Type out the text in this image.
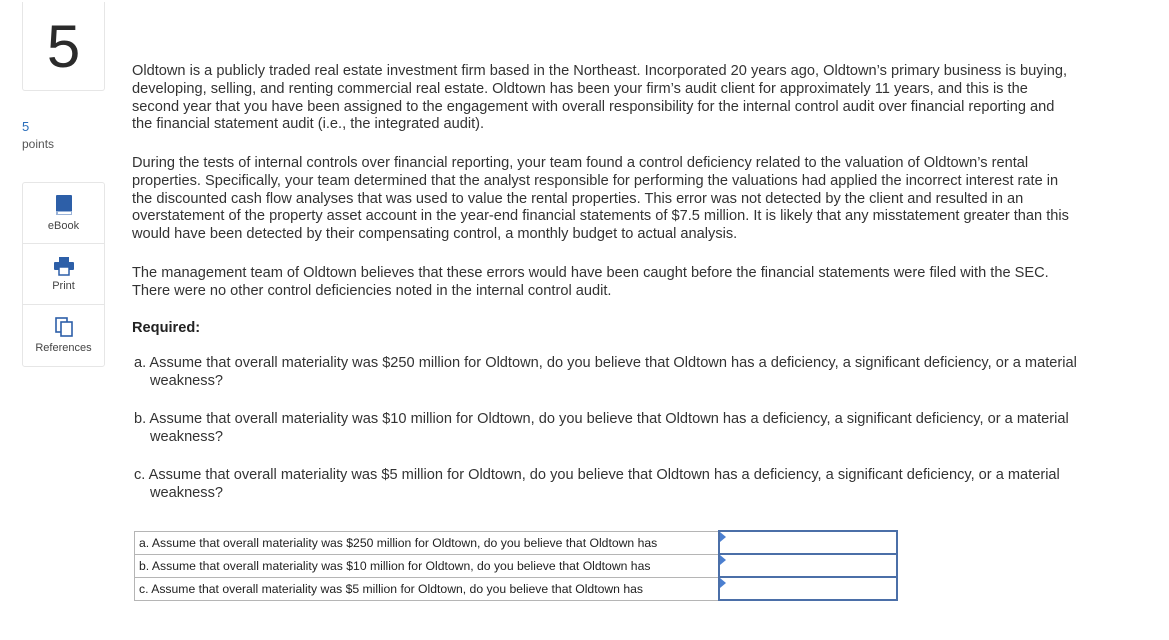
5
5
points
eBook
Print
References

Oldtown is a publicly traded real estate investment firm based in the Northeast. Incorporated 20 years ago, Oldtown’s primary business is buying, developing, selling, and renting commercial real estate. Oldtown has been your firm’s audit client for approximately 11 years, and this is the second year that you have been assigned to the engagement with overall responsibility for the internal control audit over financial reporting and the financial statement audit (i.e., the integrated audit).

During the tests of internal controls over financial reporting, your team found a control deficiency related to the valuation of Oldtown’s rental properties. Specifically, your team determined that the analyst responsible for performing the valuations had applied the incorrect interest rate in the discounted cash flow analyses that was used to value the rental properties. This error was not detected by the client and resulted in an overstatement of the property asset account in the year-end financial statements of $7.5 million. It is likely that any misstatement greater than this would have been detected by their compensating control, a monthly budget to actual analysis.

The management team of Oldtown believes that these errors would have been caught before the financial statements were filed with the SEC. There were no other control deficiencies noted in the internal control audit.

Required:

a. Assume that overall materiality was $250 million for Oldtown, do you believe that Oldtown has a deficiency, a significant deficiency, or a material weakness?

b. Assume that overall materiality was $10 million for Oldtown, do you believe that Oldtown has a deficiency, a significant deficiency, or a material weakness?

c. Assume that overall materiality was $5 million for Oldtown, do you believe that Oldtown has a deficiency, a significant deficiency, or a material weakness?

a. Assume that overall materiality was $250 million for Oldtown, do you believe that Oldtown has	
b. Assume that overall materiality was $10 million for Oldtown, do you believe that Oldtown has	
c. Assume that overall materiality was $5 million for Oldtown, do you believe that Oldtown has	
